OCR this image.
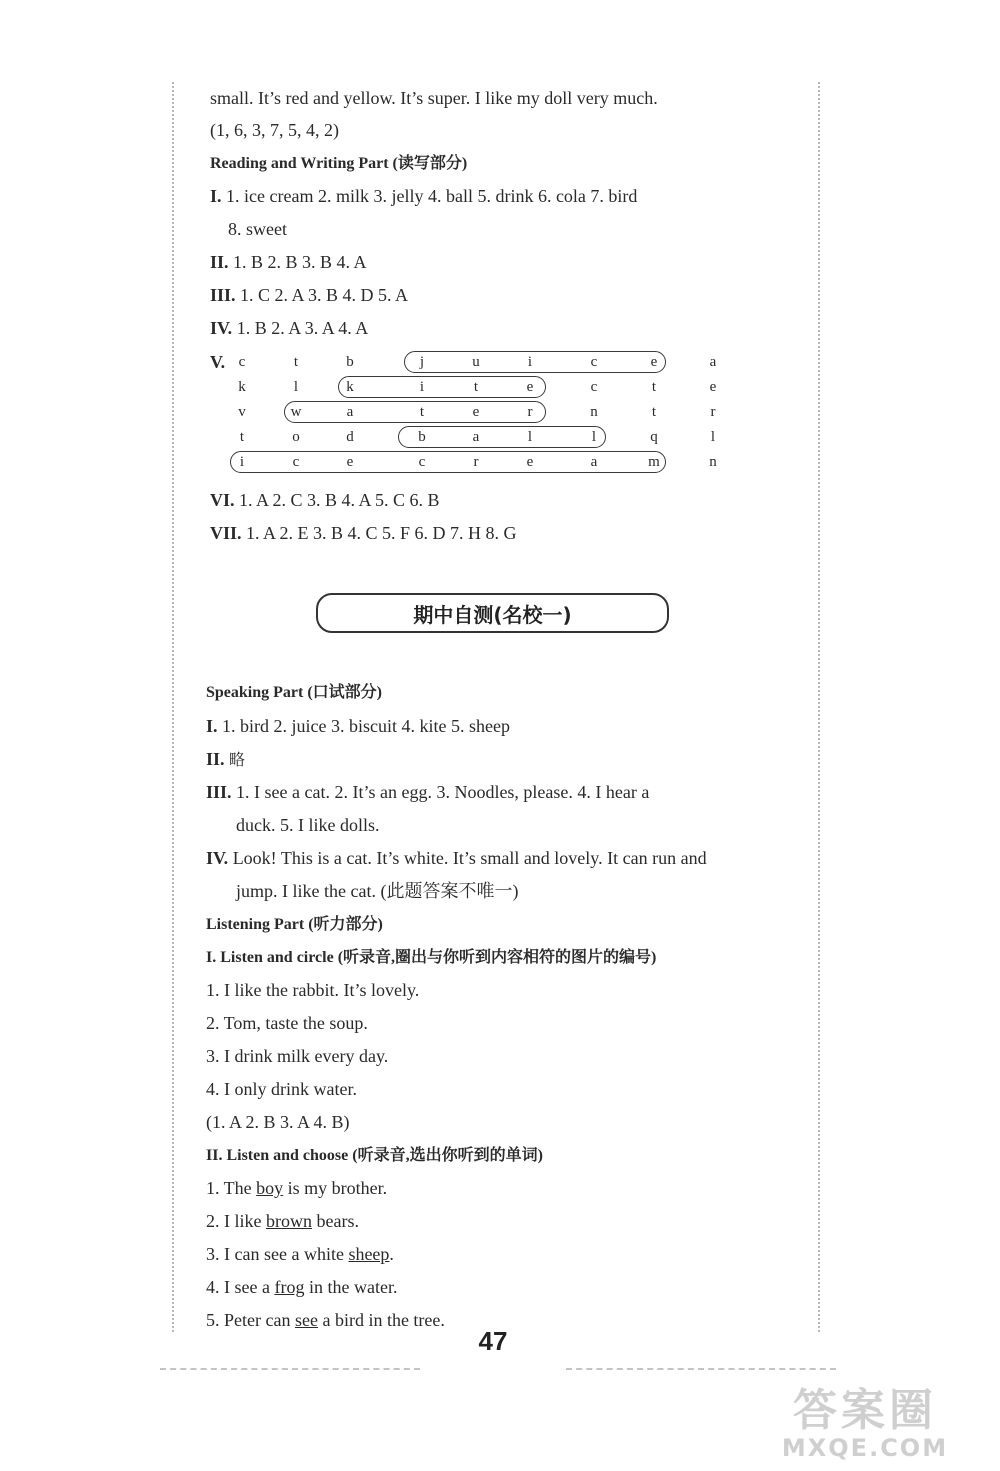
small. It’s red and yellow. It’s super. I like my doll very much.
(1, 6, 3, 7, 5, 4, 2)
Reading and Writing Part (读写部分)
I. 1. ice cream 2. milk 3. jelly 4. ball 5. drink 6. cola 7. bird
8. sweet
II. 1. B 2. B 3. B 4. A
III. 1. C 2. A 3. B 4. D 5. A
IV. 1. B 2. A 3. A 4. A
V. c	t	b	j	u	i	c	e	a
k	l	k	i	t	e	c	t	e
v	w	a	t	e	r	n	t	r
t	o	d	b	a	l	l	q	l
i	c	e	c	r	e	a	m	n
VI. 1. A 2. C 3. B 4. A 5. C 6. B
VII. 1. A 2. E 3. B 4. C 5. F 6. D 7. H 8. G
期中自测(名校一)
Speaking Part (口试部分)
I. 1. bird 2. juice 3. biscuit 4. kite 5. sheep
II. 略
III. 1. I see a cat. 2. It’s an egg. 3. Noodles, please. 4. I hear a
duck. 5. I like dolls.
IV. Look! This is a cat. It’s white. It’s small and lovely. It can run and
jump. I like the cat. (此题答案不唯一)
Listening Part (听力部分)
I. Listen and circle (听录音,圈出与你听到内容相符的图片的编号)
1. I like the rabbit. It’s lovely.
2. Tom, taste the soup.
3. I drink milk every day.
4. I only drink water.
(1. A 2. B 3. A 4. B)
II. Listen and choose (听录音,选出你听到的单词)
1. The boy is my brother.
2. I like brown bears.
3. I can see a white sheep.
4. I see a frog in the water.
5. Peter can see a bird in the tree.
47
答案圈
MXQE.COM
